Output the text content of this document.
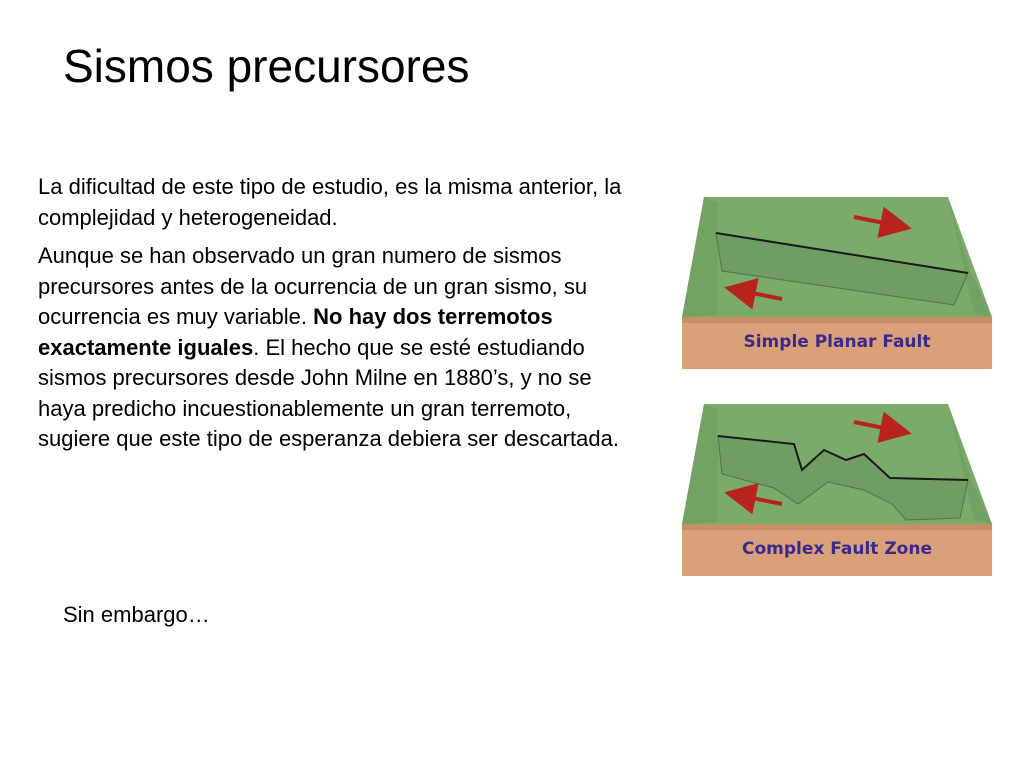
Sismos precursores

La dificultad de este tipo de estudio, es la misma anterior, la complejidad y heterogeneidad.

Aunque se han observado un gran numero de sismos precursores antes de la ocurrencia de un gran sismo, su ocurrencia es muy variable. No hay dos terremotos exactamente iguales. El hecho que se esté estudiando sismos precursores desde John Milne en 1880’s, y no se haya predicho incuestionablemente un gran terremoto, sugiere que este tipo de esperanza debiera ser descartada.

Sin embargo…
Simple Planar Fault
Complex Fault Zone
